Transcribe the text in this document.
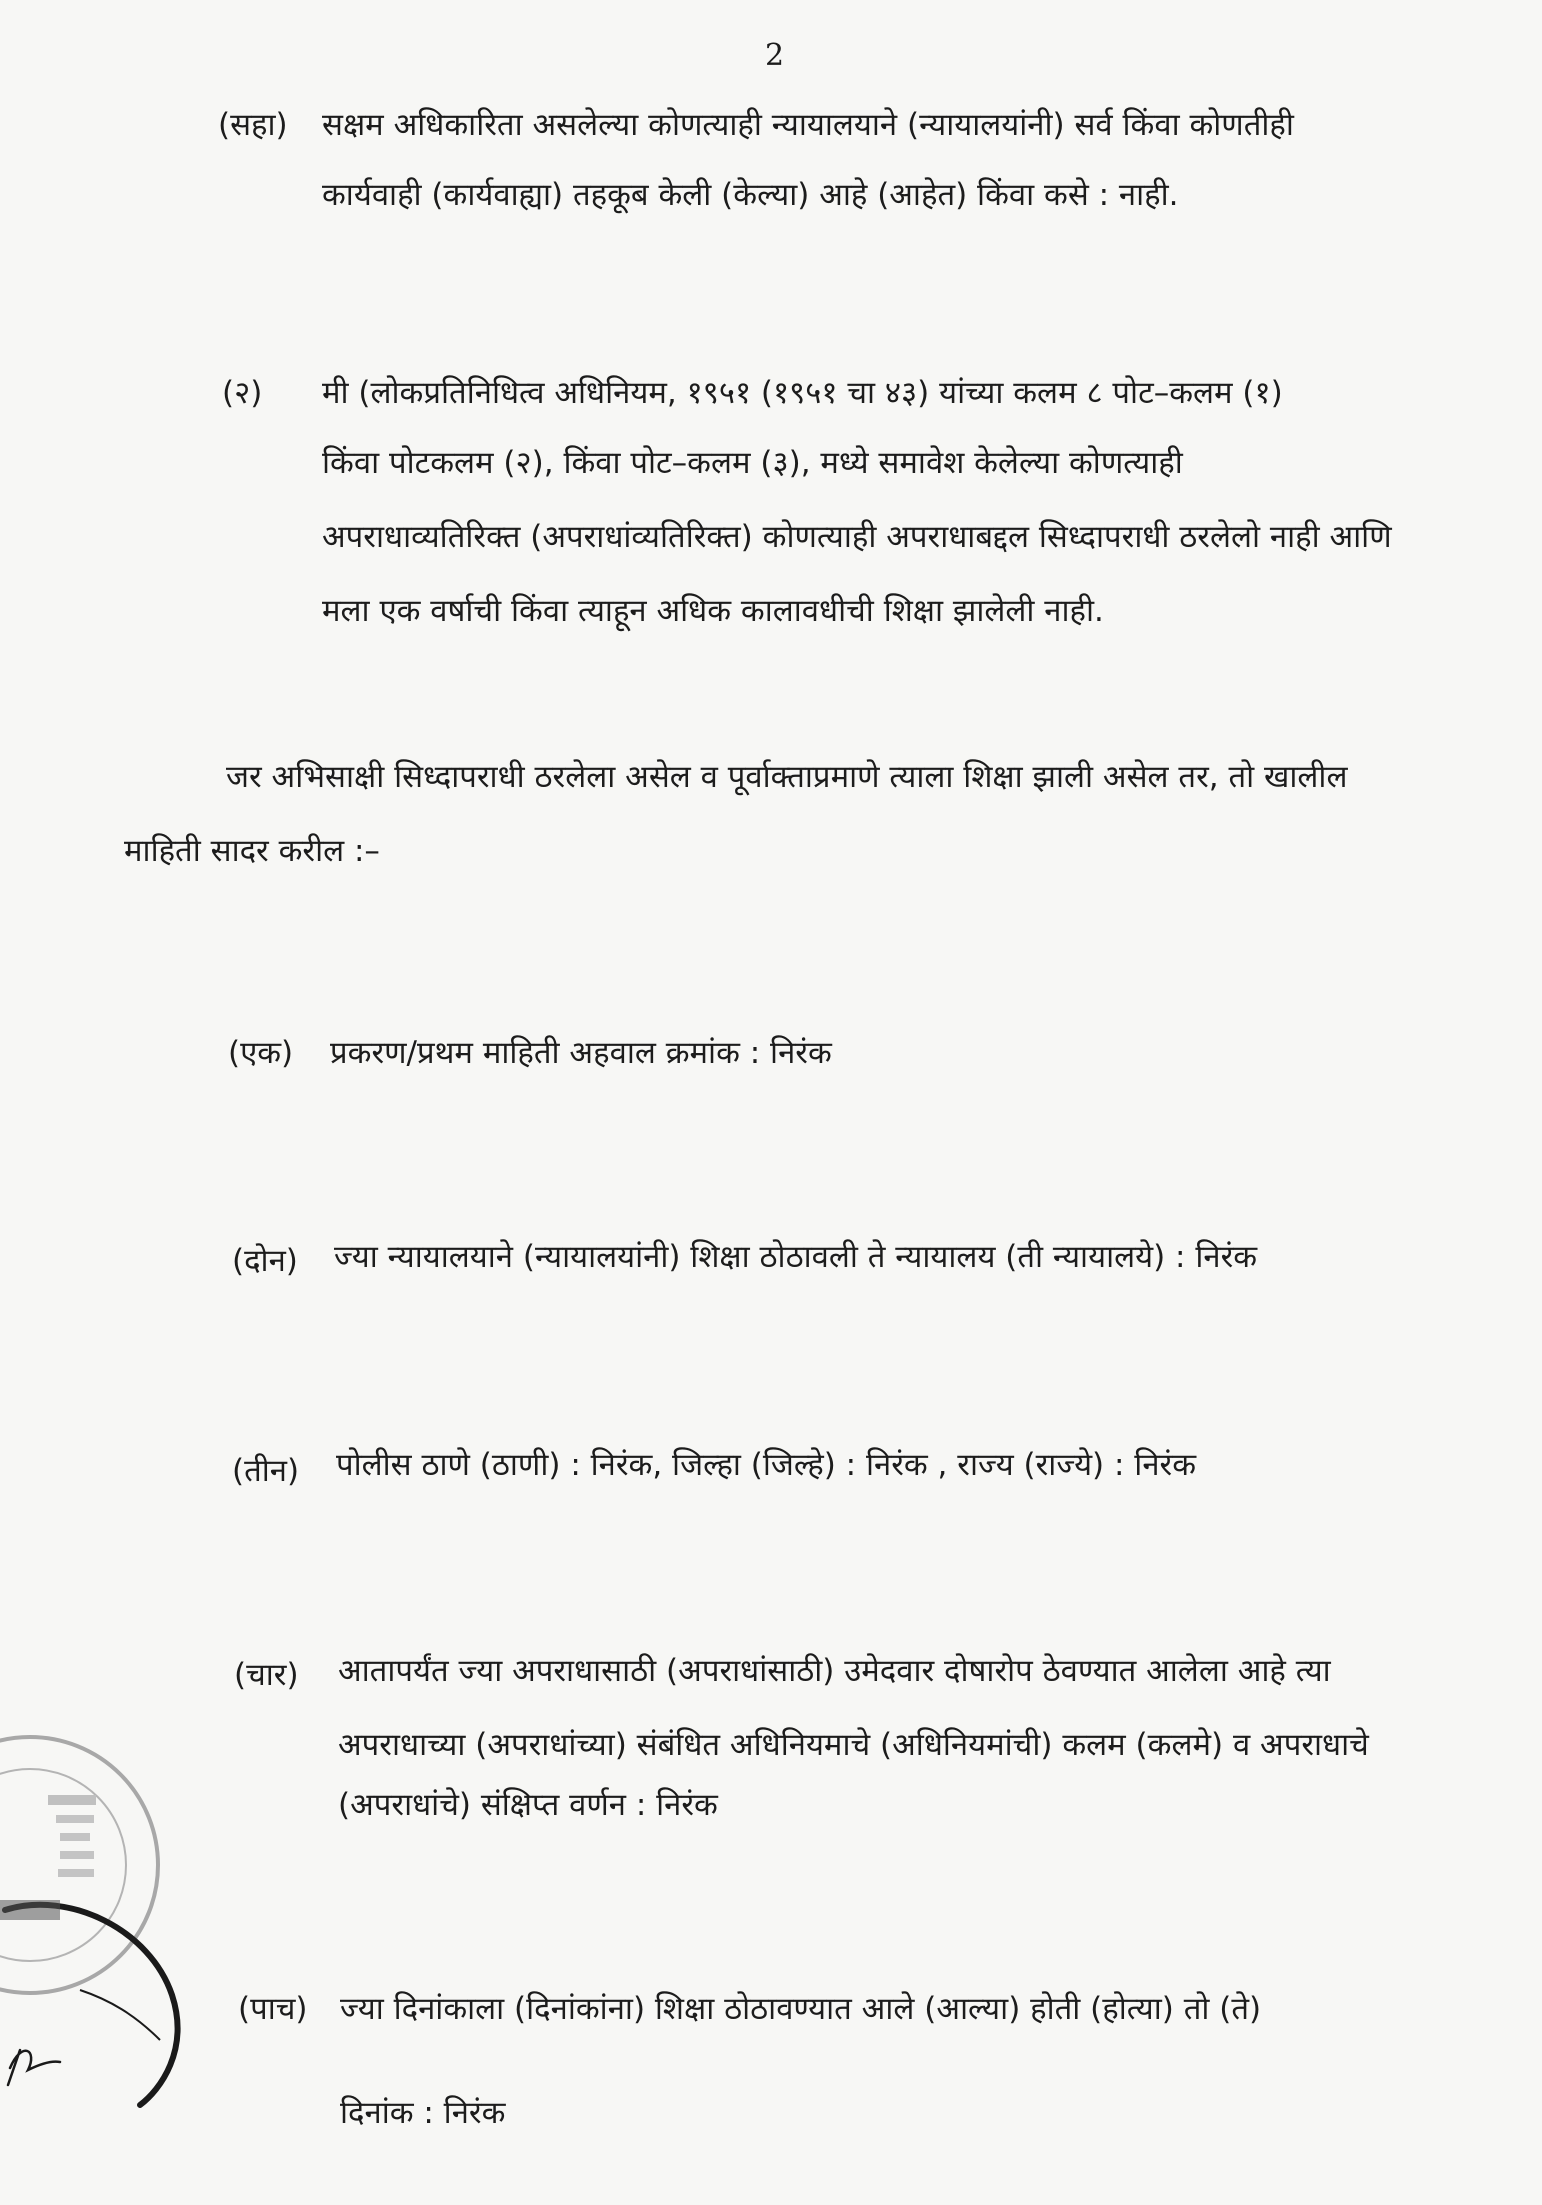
2
(सहा) सक्षम अधिकारिता असलेल्या कोणत्याही न्यायालयाने (न्यायालयांनी) सर्व किंवा कोणतीही
कार्यवाही (कार्यवाह्या) तहकूब केली (केल्या) आहे (आहेत) किंवा कसे : नाही.
(२) मी (लोकप्रतिनिधित्व अधिनियम, १९५१ (१९५१ चा ४३) यांच्या कलम ८ पोट–कलम (१)
किंवा पोटकलम (२), किंवा पोट–कलम (३), मध्ये समावेश केलेल्या कोणत्याही
अपराधाव्यतिरिक्त (अपराधांव्यतिरिक्त) कोणत्याही अपराधाबद्दल सिध्दापराधी ठरलेलो नाही आणि
मला एक वर्षाची किंवा त्याहून अधिक कालावधीची शिक्षा झालेली नाही.
जर अभिसाक्षी सिध्दापराधी ठरलेला असेल व पूर्वाक्ताप्रमाणे त्याला शिक्षा झाली असेल तर, तो खालील
माहिती सादर करील :–
(एक) प्रकरण/प्रथम माहिती अहवाल क्रमांक : निरंक
(दोन) ज्या न्यायालयाने (न्यायालयांनी) शिक्षा ठोठावली ते न्यायालय (ती न्यायालये) : निरंक
(तीन) पोलीस ठाणे (ठाणी) : निरंक, जिल्हा (जिल्हे) : निरंक , राज्य (राज्ये) : निरंक
(चार) आतापर्यंत ज्या अपराधासाठी (अपराधांसाठी) उमेदवार दोषारोप ठेवण्यात आलेला आहे त्या
अपराधाच्या (अपराधांच्या) संबंधित अधिनियमाचे (अधिनियमांची) कलम (कलमे) व अपराधाचे
(अपराधांचे) संक्षिप्त वर्णन : निरंक
(पाच) ज्या दिनांकाला (दिनांकांना) शिक्षा ठोठावण्यात आले (आल्या) होती (होत्या) तो (ते)
दिनांक : निरंक
